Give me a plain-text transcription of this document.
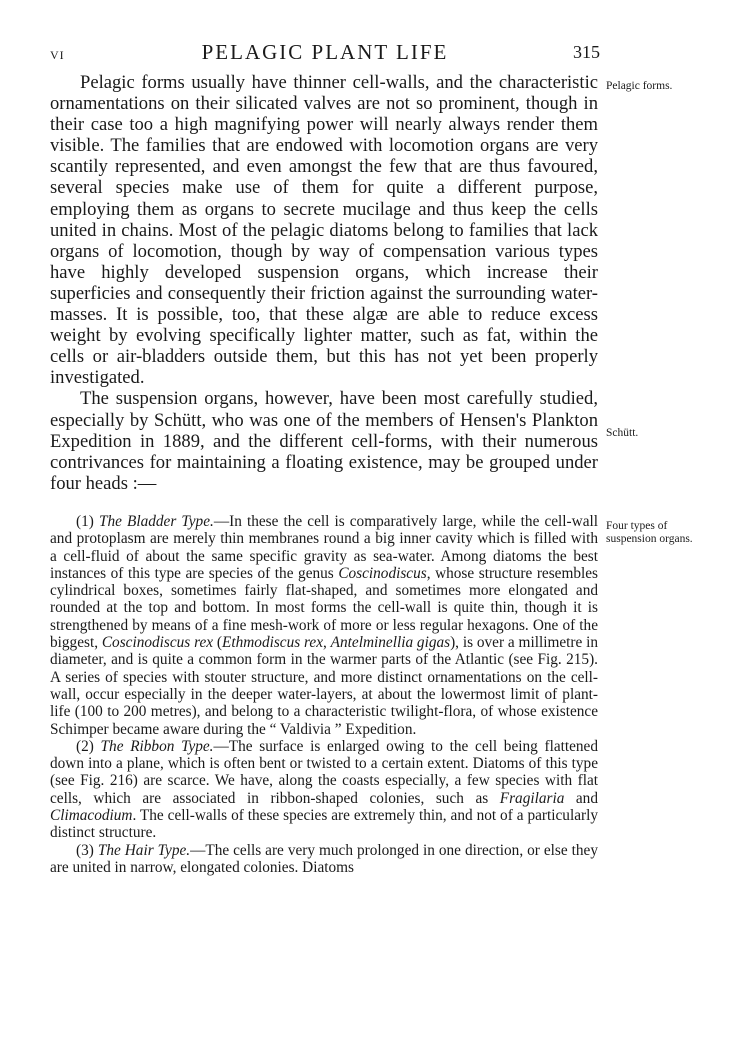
VI	PELAGIC PLANT LIFE	315

Pelagic forms usually have thinner cell-walls, and the characteristic ornamentations on their silicated valves are not so prominent, though in their case too a high magnifying power will nearly always render them visible. The families that are endowed with locomotion organs are very scantily represented, and even amongst the few that are thus favoured, several species make use of them for quite a different purpose, employing them as organs to secrete mucilage and thus keep the cells united in chains. Most of the pelagic diatoms belong to families that lack organs of locomotion, though by way of compensation various types have highly developed suspension organs, which increase their superficies and consequently their friction against the surrounding water-masses. It is possible, too, that these algæ are able to reduce excess weight by evolving specifically lighter matter, such as fat, within the cells or air-bladders outside them, but this has not yet been properly investigated.

The suspension organs, however, have been most carefully studied, especially by Schütt, who was one of the members of Hensen's Plankton Expedition in 1889, and the different cell-forms, with their numerous contrivances for maintaining a floating existence, may be grouped under four heads :—

Pelagic forms.
Schütt.
Four types of suspension organs.

(1) The Bladder Type.—In these the cell is comparatively large, while the cell-wall and protoplasm are merely thin membranes round a big inner cavity which is filled with a cell-fluid of about the same specific gravity as sea-water. Among diatoms the best instances of this type are species of the genus Coscinodiscus, whose structure resembles cylindrical boxes, sometimes fairly flat-shaped, and sometimes more elongated and rounded at the top and bottom. In most forms the cell-wall is quite thin, though it is strengthened by means of a fine mesh-work of more or less regular hexagons. One of the biggest, Coscinodiscus rex (Ethmodiscus rex, Antelminellia gigas), is over a millimetre in diameter, and is quite a common form in the warmer parts of the Atlantic (see Fig. 215). A series of species with stouter structure, and more distinct ornamentations on the cell-wall, occur especially in the deeper water-layers, at about the lowermost limit of plant-life (100 to 200 metres), and belong to a characteristic twilight-flora, of whose existence Schimper became aware during the “ Valdivia ” Expedition.

(2) The Ribbon Type.—The surface is enlarged owing to the cell being flattened down into a plane, which is often bent or twisted to a certain extent. Diatoms of this type (see Fig. 216) are scarce. We have, along the coasts especially, a few species with flat cells, which are associated in ribbon-shaped colonies, such as Fragilaria and Climacodium. The cell-walls of these species are extremely thin, and not of a particularly distinct structure.

(3) The Hair Type.—The cells are very much prolonged in one direction, or else they are united in narrow, elongated colonies. Diatoms
